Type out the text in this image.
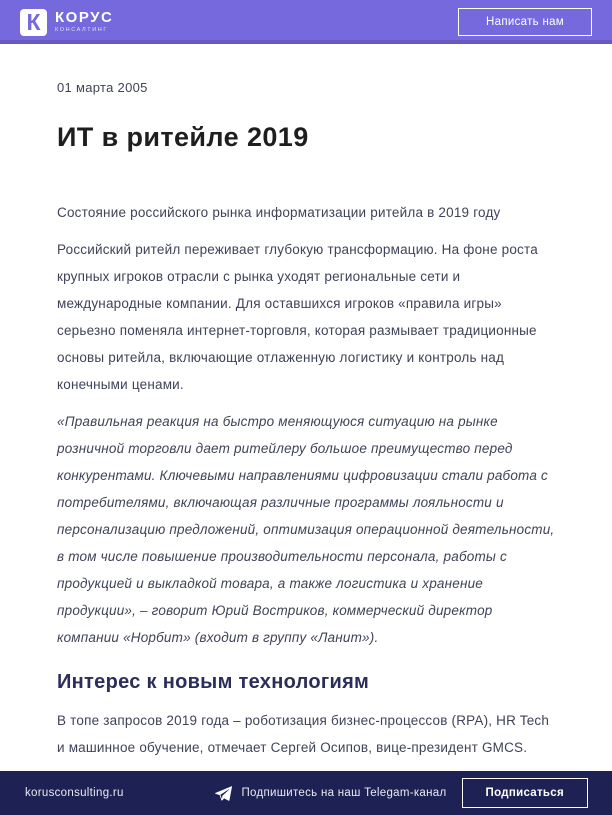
К КОРУС
КОНСАЛТИНГ
Написать нам
01 марта 2005
ИТ в ритейле 2019

Состояние российского рынка информатизации ритейла в 2019 году

Российский ритейл переживает глубокую трансформацию. На фоне роста крупных игроков отрасли с рынка уходят региональные сети и международные компании. Для оставшихся игроков «правила игры» серьезно поменяла интернет-торговля, которая размывает традиционные основы ритейла, включающие отлаженную логистику и контроль над конечными ценами.

«Правильная реакция на быстро меняющуюся ситуацию на рынке розничной торговли дает ритейлеру большое преимущество перед конкурентами. Ключевыми направлениями цифровизации стали работа с потребителями, включающая различные программы лояльности и персонализацию предложений, оптимизация операционной деятельности, в том числе повышение производительности персонала, работы с продукцией и выкладкой товара, а также логистика и хранение продукции», – говорит Юрий Востриков, коммерческий директор компании «Норбит» (входит в группу «Ланит»).

Интерес к новым технологиям

В топе запросов 2019 года – роботизация бизнес-процессов (RPA), HR Tech и машинное обучение, отмечает Сергей Осипов, вице-президент GMCS.

korusconsulting.ru	Подпишитесь на наш Telegam-канал	Подписаться
